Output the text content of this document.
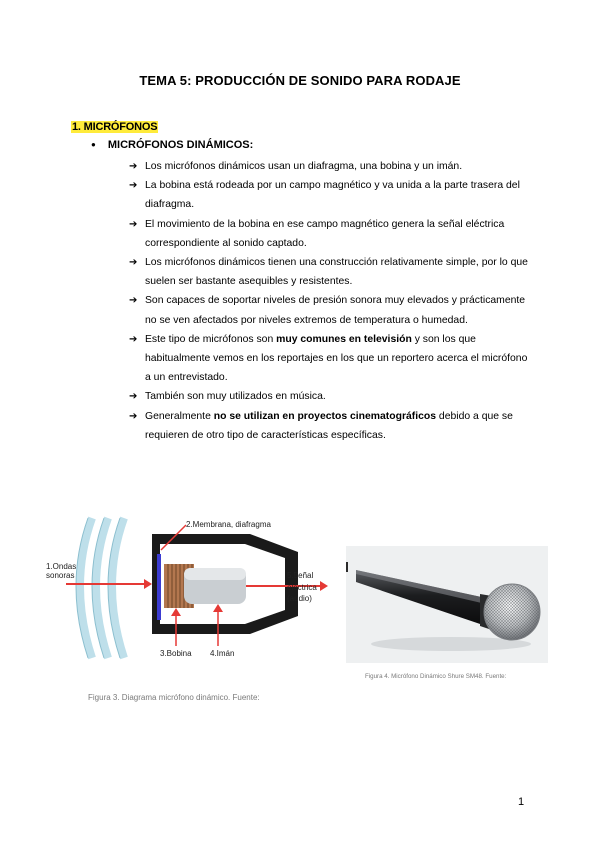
TEMA 5: PRODUCCIÓN DE SONIDO PARA RODAJE
1. MICRÓFONOS
● MICRÓFONOS DINÁMICOS:
➔ Los micrófonos dinámicos usan un diafragma, una bobina y un imán.
➔ La bobina está rodeada por un campo magnético y va unida a la parte trasera del diafragma.
➔ El movimiento de la bobina en ese campo magnético genera la señal eléctrica correspondiente al sonido captado.
➔ Los micrófonos dinámicos tienen una construcción relativamente simple, por lo que suelen ser bastante asequibles y resistentes.
➔ Son capaces de soportar niveles de presión sonora muy elevados y prácticamente no se ven afectados por niveles extremos de temperatura o humedad.
➔ Este tipo de micrófonos son muy comunes en televisión y son los que habitualmente vemos en los reportajes en los que un reportero acerca el micrófono a un entrevistado.
➔ También son muy utilizados en música.
➔ Generalmente no se utilizan en proyectos cinematográficos debido a que se requieren de otro tipo de características específicas.
1.Ondas
sonoras
2.Membrana, diafragma
5.5eñal
eléctrica
(audio)
3.Bobina 4.Imán
Figura 3. Diagrama micrófono dinámico. Fuente:
Figura 4. Micrófono Dinámico Shure SM48. Fuente:
1
